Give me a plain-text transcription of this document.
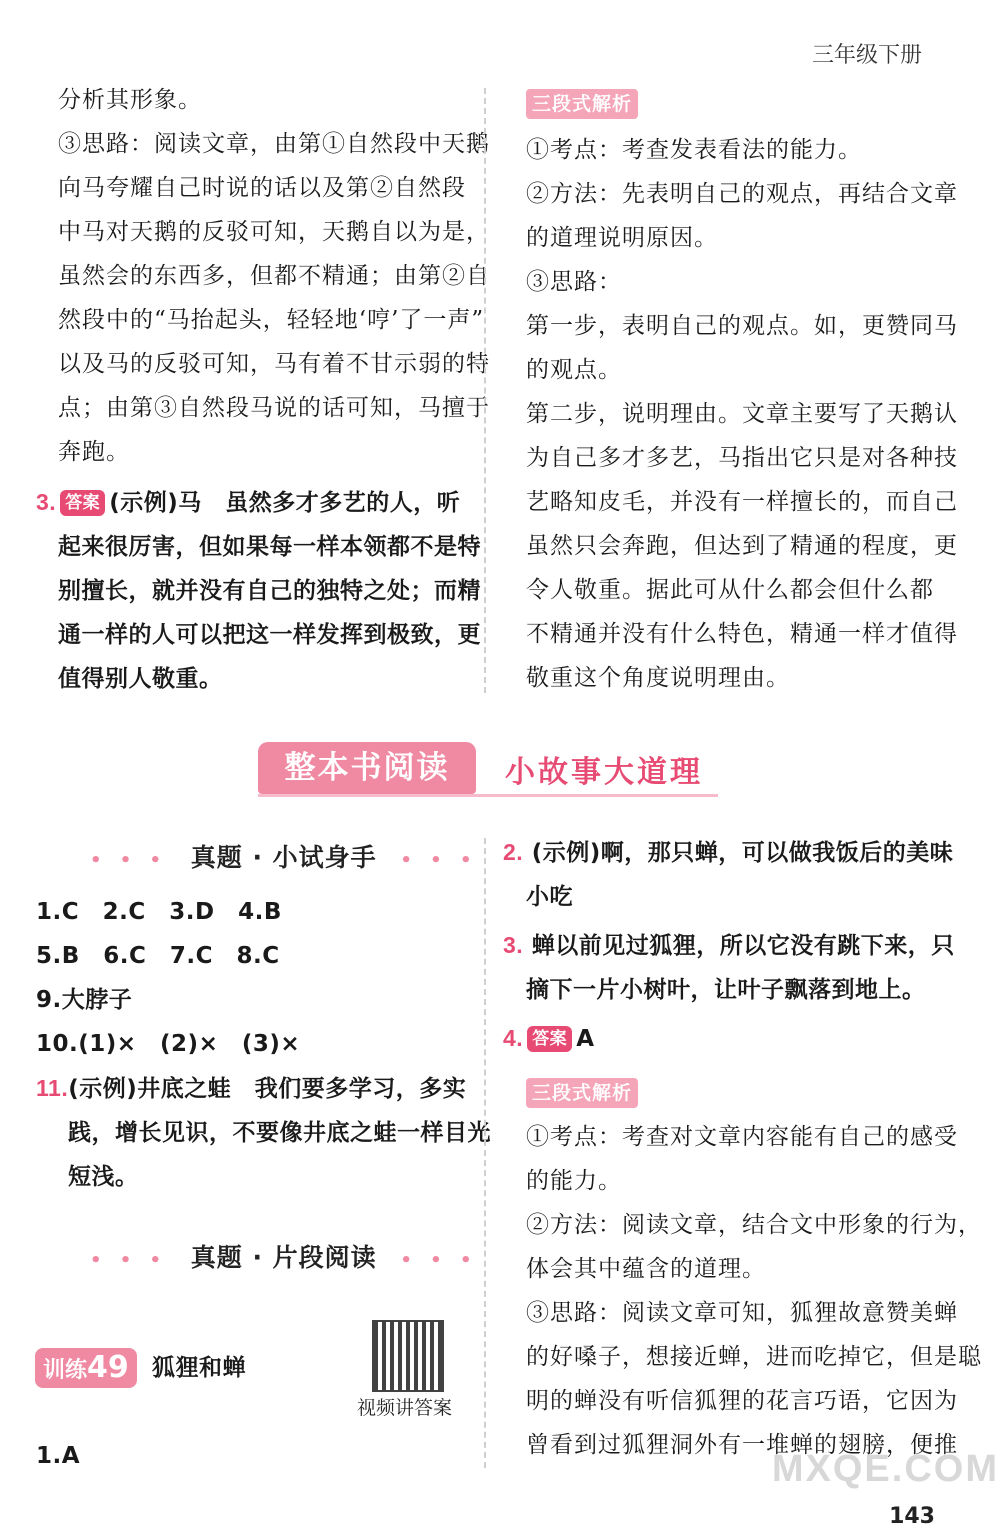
三年级下册
分析其形象。
③思路：阅读文章，由第①自然段中天鹅
向马夸耀自己时说的话以及第②自然段
中马对天鹅的反驳可知，天鹅自以为是，
虽然会的东西多，但都不精通；由第②自
然段中的“马抬起头，轻轻地‘哼’了一声”
以及马的反驳可知，马有着不甘示弱的特
点；由第③自然段马说的话可知，马擅于
奔跑。
3. 答案 (示例)马　虽然多才多艺的人，听
起来很厉害，但如果每一样本领都不是特
别擅长，就并没有自己的独特之处；而精
通一样的人可以把这一样发挥到极致，更
值得别人敬重。
三段式解析
①考点：考查发表看法的能力。
②方法：先表明自己的观点，再结合文章
的道理说明原因。
③思路：
第一步，表明自己的观点。如，更赞同马
的观点。
第二步，说明理由。文章主要写了天鹅认
为自己多才多艺，马指出它只是对各种技
艺略知皮毛，并没有一样擅长的，而自己
虽然只会奔跑，但达到了精通的程度，更
令人敬重。据此可从什么都会但什么都
不精通并没有什么特色，精通一样才值得
敬重这个角度说明理由。
整本书阅读	小故事大道理
• • • 真题 · 小试身手 • • •
1.C　2.C　3.D　4.B
5.B　6.C　7.C　8.C
9.大脖子
10.(1)×　(2)×　(3)×
11.(示例)井底之蛙　我们要多学习，多实
践，增长见识，不要像井底之蛙一样目光
短浅。
• • • 真题 · 片段阅读 • • •
训练49	狐狸和蝉
视频讲答案
1.A
2. (示例)啊，那只蝉，可以做我饭后的美味
小吃
3. 蝉以前见过狐狸，所以它没有跳下来，只
摘下一片小树叶，让叶子飘落到地上。
4. 答案 A
三段式解析
①考点：考查对文章内容能有自己的感受
的能力。
②方法：阅读文章，结合文中形象的行为，
体会其中蕴含的道理。
③思路：阅读文章可知，狐狸故意赞美蝉
的好嗓子，想接近蝉，进而吃掉它，但是聪
明的蝉没有听信狐狸的花言巧语，它因为
曾看到过狐狸洞外有一堆蝉的翅膀，便推
MXQE.COM
143
